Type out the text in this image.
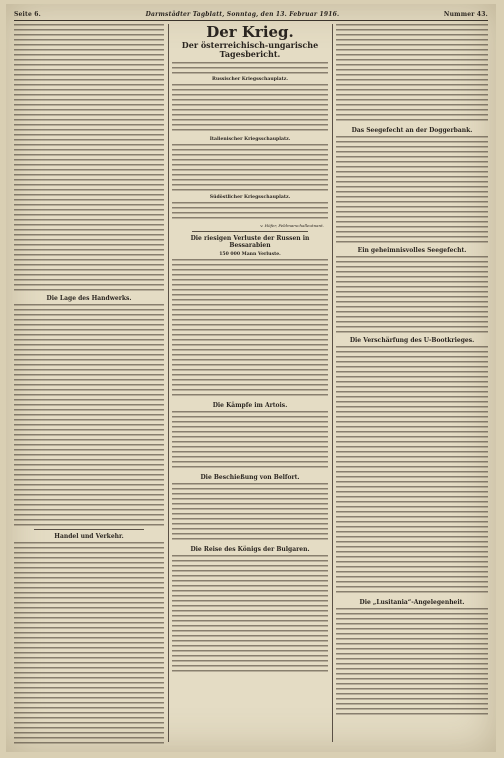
Seite 6.	Darmstädter Tagblatt, Sonntag, den 13. Februar 1916.	Nummer 43.
Die Lage des Handwerks.
Handel und Verkehr.
Der Krieg.
Der österreichisch-ungarische Tagesbericht.
Russischer Kriegsschauplatz.
Italienischer Kriegsschauplatz.
Südöstlicher Kriegsschauplatz.
v. Höfer, Feldmarschalleutnant.
Die riesigen Verluste der Russen in Bessarabien
150 000 Mann Verluste.
Die Kämpfe im Artois.
Die Beschießung von Belfort.
Die Reise des Königs der Bulgaren.
Das Seegefecht an der Doggerbank.
Ein geheimnisvolles Seegefecht.
Die Verschärfung des U-Bootkrieges.
Die „Lusitania“-Angelegenheit.
